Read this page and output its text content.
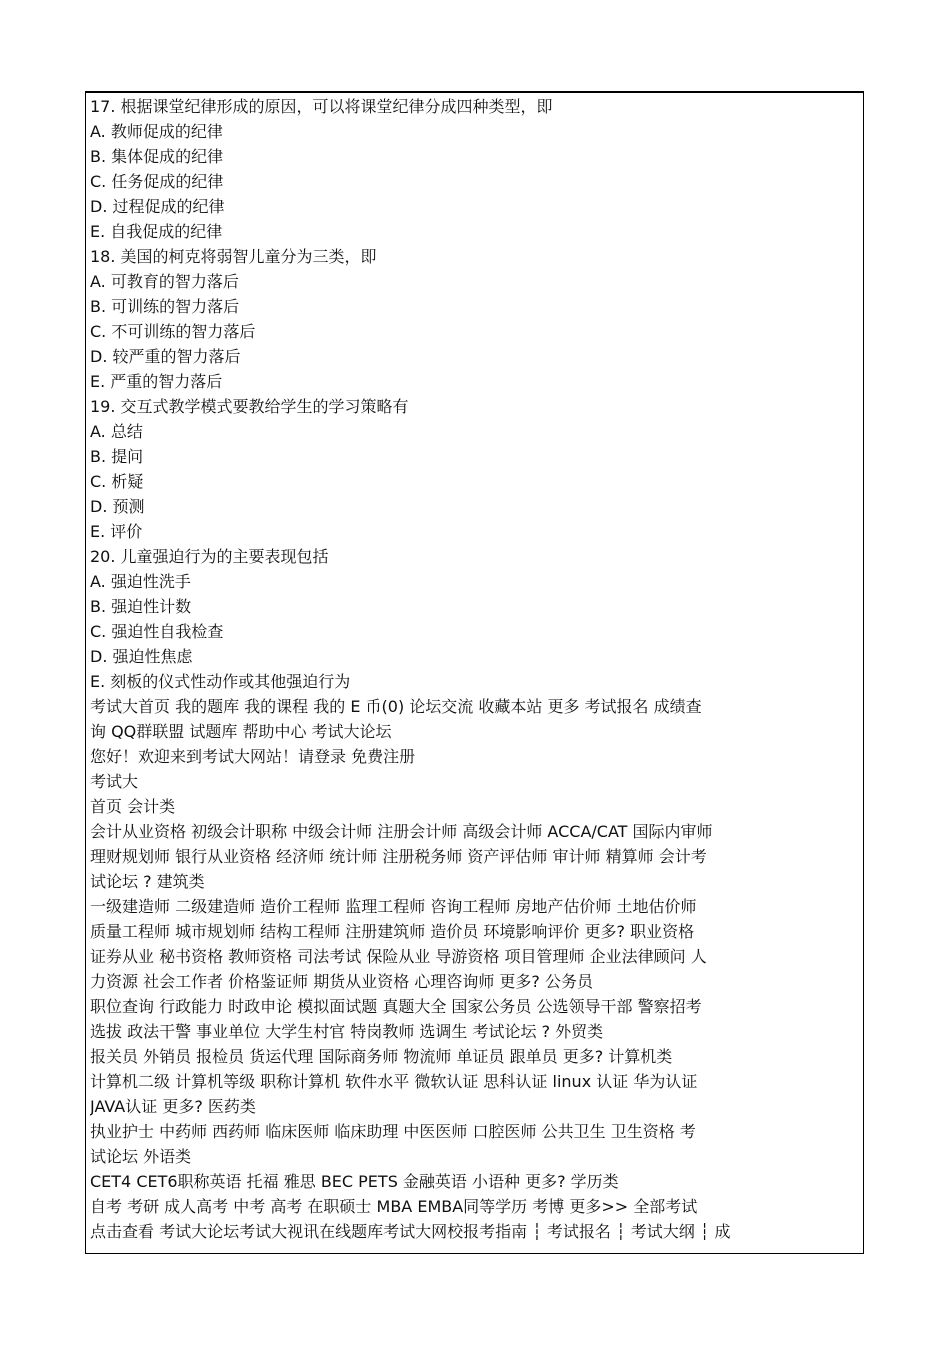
17. 根据课堂纪律形成的原因，可以将课堂纪律分成四种类型，即
A. 教师促成的纪律
B. 集体促成的纪律
C. 任务促成的纪律
D. 过程促成的纪律
E. 自我促成的纪律
18. 美国的柯克将弱智儿童分为三类，即
A. 可教育的智力落后
B. 可训练的智力落后
C. 不可训练的智力落后
D. 较严重的智力落后
E. 严重的智力落后
19. 交互式教学模式要教给学生的学习策略有
A. 总结
B. 提问
C. 析疑
D. 预测
E. 评价
20. 儿童强迫行为的主要表现包括
A. 强迫性洗手
B. 强迫性计数
C. 强迫性自我检查
D. 强迫性焦虑
E. 刻板的仪式性动作或其他强迫行为
考试大首页 我的题库 我的课程 我的 E 币(0) 论坛交流 收藏本站 更多 考试报名 成绩查
询 QQ群联盟 试题库 帮助中心 考试大论坛
您好！欢迎来到考试大网站！请登录 免费注册
考试大
首页 会计类
会计从业资格 初级会计职称 中级会计师 注册会计师 高级会计师 ACCA/CAT 国际内审师
理财规划师 银行从业资格 经济师 统计师 注册税务师 资产评估师 审计师 精算师 会计考
试论坛 ? 建筑类
一级建造师 二级建造师 造价工程师 监理工程师 咨询工程师 房地产估价师 土地估价师
质量工程师 城市规划师 结构工程师 注册建筑师 造价员 环境影响评价 更多? 职业资格
证券从业 秘书资格 教师资格 司法考试 保险从业 导游资格 项目管理师 企业法律顾问 人
力资源 社会工作者 价格鉴证师 期货从业资格 心理咨询师 更多? 公务员
职位查询 行政能力 时政申论 模拟面试题 真题大全 国家公务员 公选领导干部 警察招考
选拔 政法干警 事业单位 大学生村官 特岗教师 选调生 考试论坛 ? 外贸类
报关员 外销员 报检员 货运代理 国际商务师 物流师 单证员 跟单员 更多? 计算机类
计算机二级 计算机等级 职称计算机 软件水平 微软认证 思科认证 linux 认证 华为认证
JAVA认证 更多? 医药类
执业护士 中药师 西药师 临床医师 临床助理 中医医师 口腔医师 公共卫生 卫生资格 考
试论坛 外语类
CET4 CET6职称英语 托福 雅思 BEC PETS 金融英语 小语种 更多? 学历类
自考 考研 成人高考 中考 高考 在职硕士 MBA EMBA同等学历 考博 更多>> 全部考试
点击查看 考试大论坛考试大视讯在线题库考试大网校报考指南 ┆ 考试报名 ┆ 考试大纲 ┆ 成
